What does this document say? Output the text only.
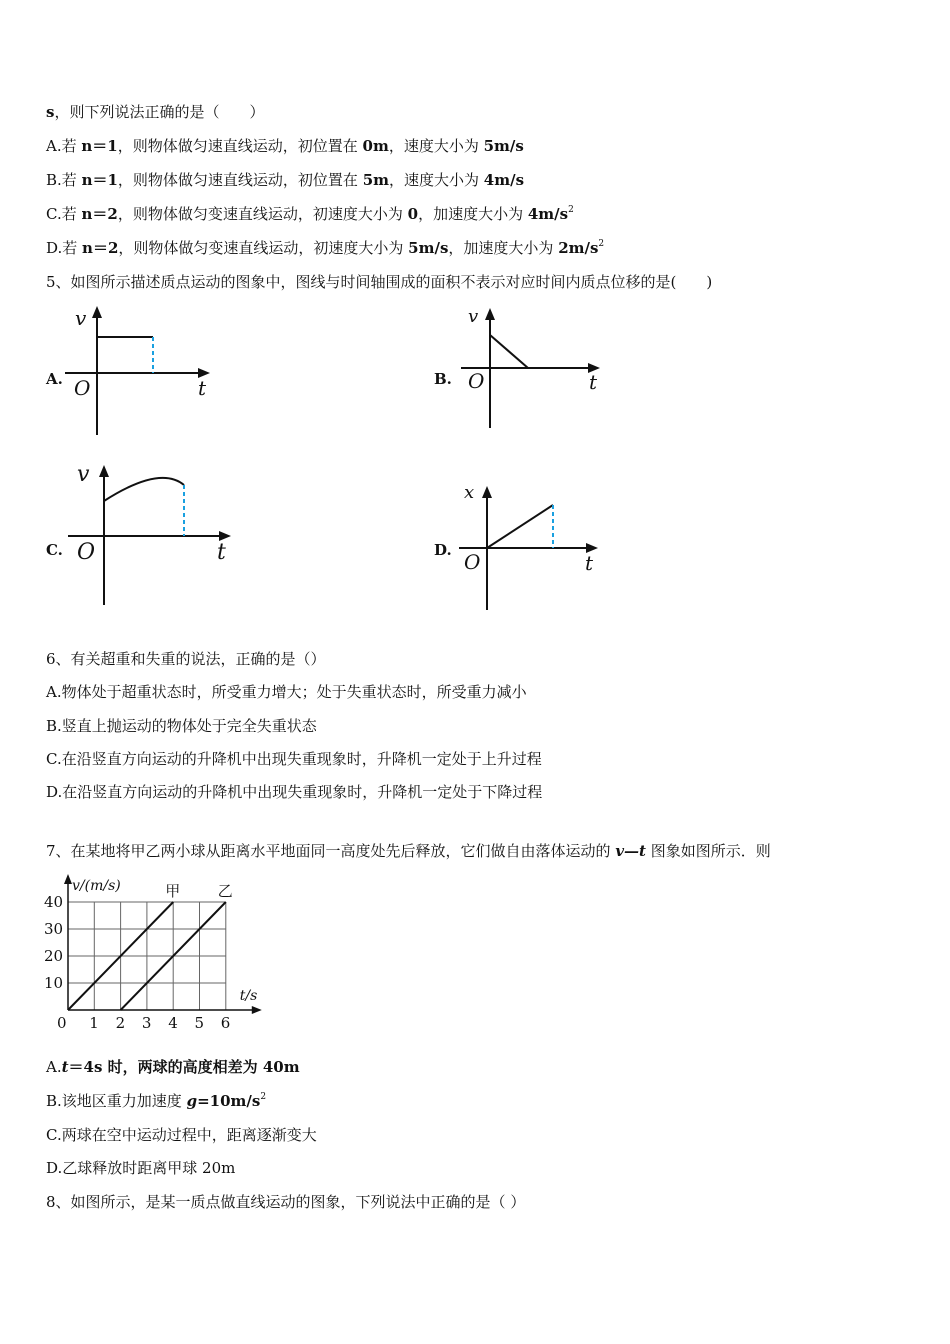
s，则下列说法正确的是（　　）
A.若 n＝1，则物体做匀速直线运动，初位置在 0m，速度大小为 5m/s
B.若 n＝1，则物体做匀速直线运动，初位置在 5m，速度大小为 4m/s
C.若 n＝2，则物体做匀变速直线运动，初速度大小为 0，加速度大小为 $4m/s^2$
D.若 n＝2，则物体做匀变速直线运动，初速度大小为 5m/s，加速度大小为 $2m/s^2$
5、如图所示描述质点运动的图象中，图线与时间轴围成的面积不表示对应时间内质点位移的是(　　)
A.
v
O	t	B.
v
O	t
C.
v
O	t	D.
x
O	t
6、有关超重和失重的说法，正确的是（）
A.物体处于超重状态时，所受重力增大；处于失重状态时，所受重力减小
B.竖直上抛运动的物体处于完全失重状态
C.在沿竖直方向运动的升降机中出现失重现象时，升降机一定处于上升过程
D.在沿竖直方向运动的升降机中出现失重现象时，升降机一定处于下降过程
7、在某地将甲乙两小球从距离水平地面同一高度处先后释放，它们做自由落体运动的 v—t 图象如图所示．则
0 1 2 3 4 5 6
10
20
30
40
v/(m/s)
t/s
甲	乙
A.t＝4s 时，两球的高度相差为 40m
B.该地区重力加速度 $g=10m/s^2$
C.两球在空中运动过程中，距离逐渐变大
D.乙球释放时距离甲球 20m
8、如图所示，是某一质点做直线运动的图象，下列说法中正确的是（ ）
